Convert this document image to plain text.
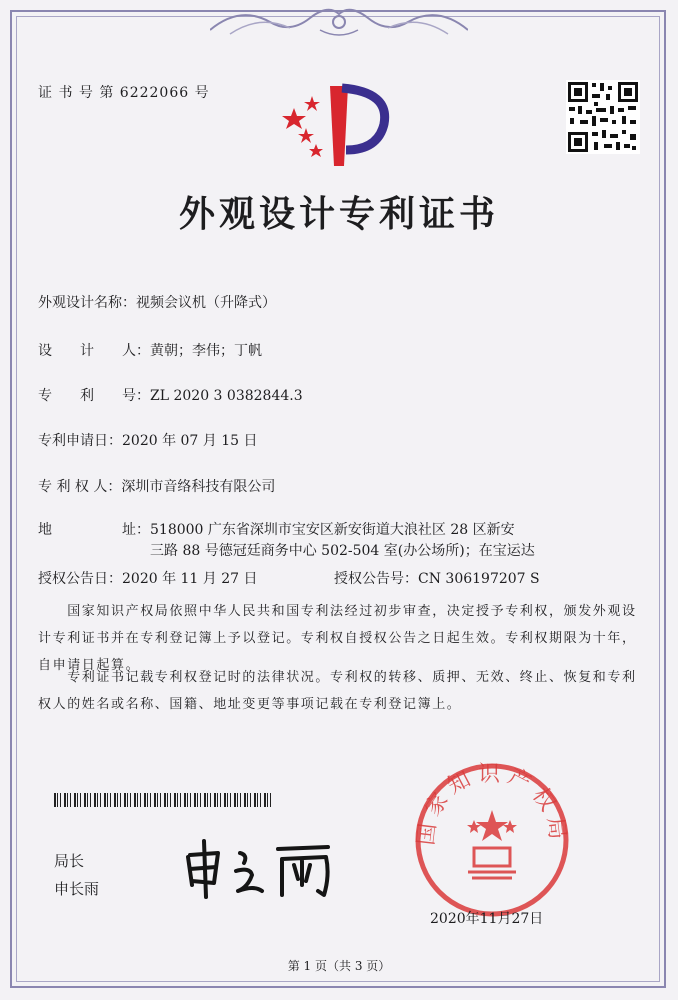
证 书 号 第 6222066 号
外观设计专利证书
外观设计名称：视频会议机（升降式）
设　　计　　人：黄朝；李伟；丁帆
专　　利　　号：ZL 2020 3 0382844.3
专利申请日：2020 年 07 月 15 日
专 利 权 人：深圳市音络科技有限公司
地　　　　　址：518000 广东省深圳市宝安区新安街道大浪社区 28 区新安
三路 88 号德冠廷商务中心 502-504 室(办公场所)；在宝运达
授权公告日：2020 年 11 月 27 日	授权公告号：CN 306197207 S
　　国家知识产权局依照中华人民共和国专利法经过初步审查，决定授予专利权，颁发外观设计专利证书并在专利登记簿上予以登记。专利权自授权公告之日起生效。专利权期限为十年，自申请日起算。
　　专利证书记载专利权登记时的法律状况。专利权的转移、质押、无效、终止、恢复和专利权人的姓名或名称、国籍、地址变更等事项记载在专利登记簿上。
局长
申长雨
国家知识产权局
2020年11月27日
第 1 页（共 3 页）
